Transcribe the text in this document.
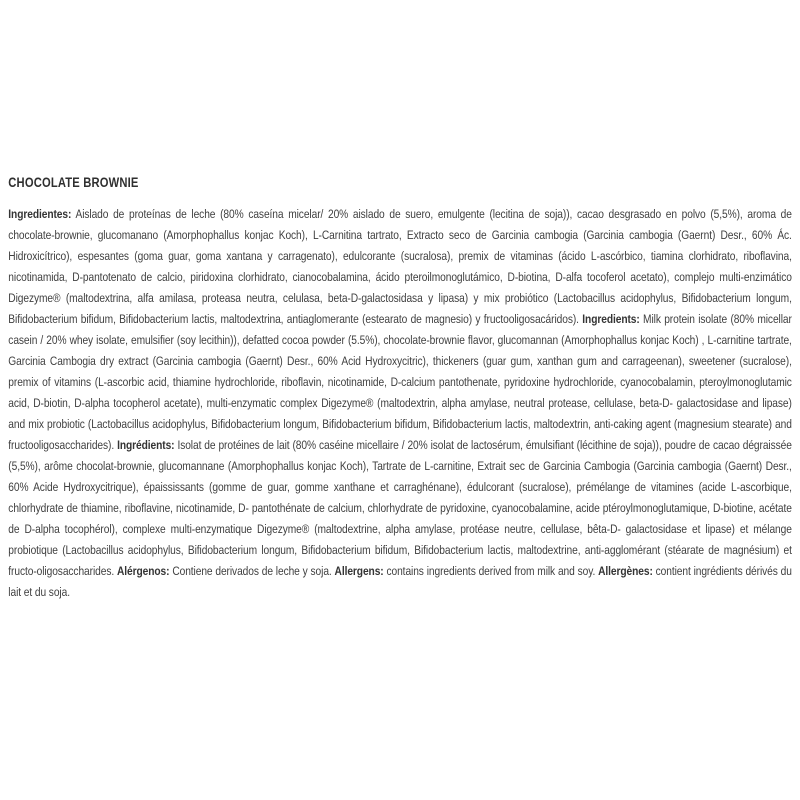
CHOCOLATE BROWNIE

Ingredientes: Aislado de proteínas de leche (80% caseína micelar/ 20% aislado de suero, emulgente (lecitina de soja)), cacao desgrasado en polvo (5,5%), aroma de chocolate-brownie, glucomanano (Amorphophallus konjac Koch), L-Carnitina tartrato, Extracto seco de Garcinia cambogia (Garcinia cambogia (Gaernt) Desr., 60% Ác. Hidroxicítrico), espesantes (goma guar, goma xantana y carragenato), edulcorante (sucralosa), premix de vitaminas (ácido L-ascórbico, tiamina clorhidrato, riboflavina, nicotinamida, D-pantotenato de calcio, piridoxina clorhidrato, cianocobalamina, ácido pteroilmonoglutámico, D-biotina, D-alfa tocoferol acetato), complejo multi-enzimático Digezyme® (maltodextrina, alfa amilasa, proteasa neutra, celulasa, beta-D-galactosidasa y lipasa) y mix probiótico (Lactobacillus acidophylus, Bifidobacterium longum, Bifidobacterium bifidum, Bifidobacterium lactis, maltodextrina, antiaglomerante (estearato de magnesio) y fructooligosacáridos). Ingredients: Milk protein isolate (80% micellar casein / 20% whey isolate, emulsifier (soy lecithin)), defatted cocoa powder (5.5%), chocolate-brownie flavor, glucomannan (Amorphophallus konjac Koch) , L-carnitine tartrate, Garcinia Cambogia dry extract (Garcinia cambogia (Gaernt) Desr., 60% Acid Hydroxycitric), thickeners (guar gum, xanthan gum and carrageenan), sweetener (sucralose), premix of vitamins (L-ascorbic acid, thiamine hydrochloride, riboflavin, nicotinamide, D-calcium pantothenate, pyridoxine hydrochloride, cyanocobalamin, pteroylmonoglutamic acid, D-biotin, D-alpha tocopherol acetate), multi-enzymatic complex Digezyme® (maltodextrin, alpha amylase, neutral protease, cellulase, beta-D- galactosidase and lipase) and mix probiotic (Lactobacillus acidophylus, Bifidobacterium longum, Bifidobacterium bifidum, Bifidobacterium lactis, maltodextrin, anti-caking agent (magnesium stearate) and fructooligosaccharides). Ingrédients: Isolat de protéines de lait (80% caséine micellaire / 20% isolat de lactosérum, émulsifiant (lécithine de soja)), poudre de cacao dégraissée (5,5%), arôme chocolat-brownie, glucomannane (Amorphophallus konjac Koch), Tartrate de L-carnitine, Extrait sec de Garcinia Cambogia (Garcinia cambogia (Gaernt) Desr., 60% Acide Hydroxycitrique), épaississants (gomme de guar, gomme xanthane et carraghénane), édulcorant (sucralose), prémélange de vitamines (acide L-ascorbique, chlorhydrate de thiamine, riboflavine, nicotinamide, D- pantothénate de calcium, chlorhydrate de pyridoxine, cyanocobalamine, acide ptéroylmonoglutamique, D-biotine, acétate de D-alpha tocophérol), complexe multi-enzymatique Digezyme® (maltodextrine, alpha amylase, protéase neutre, cellulase, bêta-D- galactosidase et lipase) et mélange probiotique (Lactobacillus acidophylus, Bifidobacterium longum, Bifidobacterium bifidum, Bifidobacterium lactis, maltodextrine, anti-agglomérant (stéarate de magnésium) et fructo-oligosaccharides. Alérgenos: Contiene derivados de leche y soja. Allergens: contains ingredients derived from milk and soy. Allergènes: contient ingrédients dérivés du lait et du soja.
